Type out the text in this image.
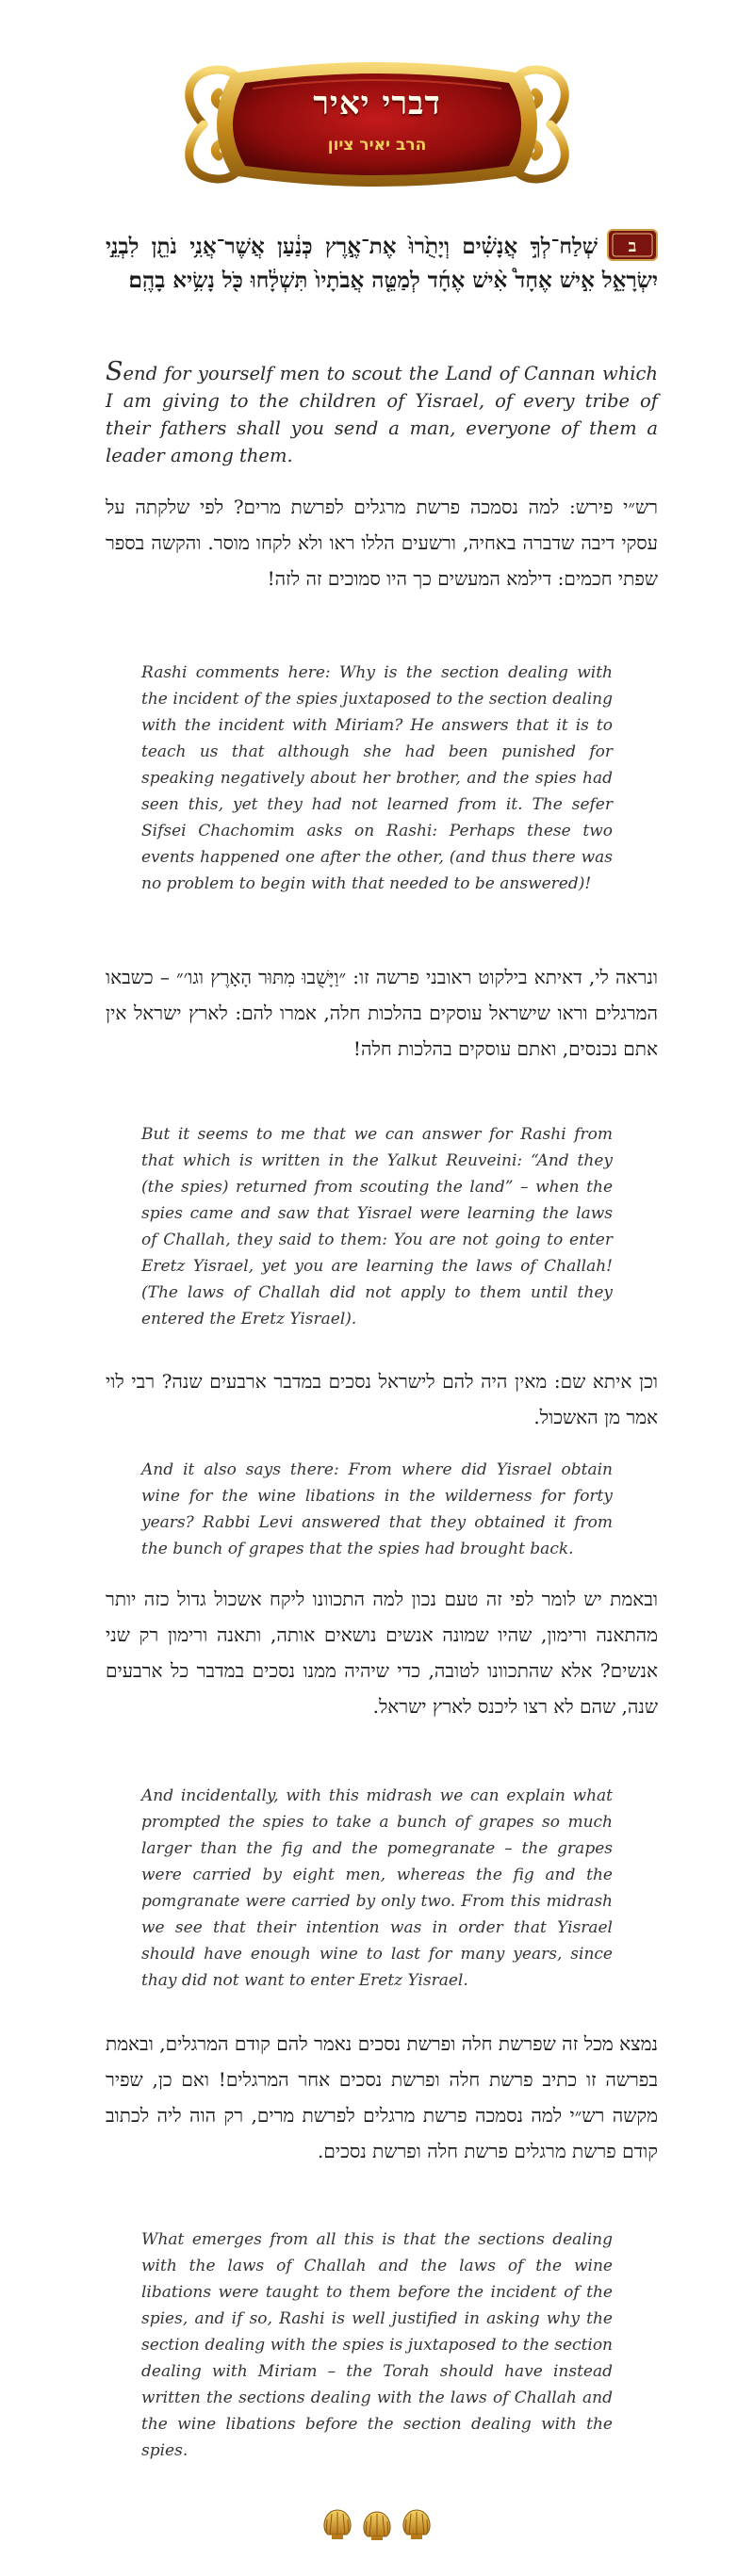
דברי יאיר
הרב יאיר ציון
ב
שְׁלַח־לְךָ֣ אֲנָשִׁ֗ים וְיָתֻ֙רוּ֙ אֶת־אֶ֣רֶץ כְּנַ֔עַן אֲשֶׁר־אֲנִ֥י נֹתֵ֖ן לִבְנֵ֣י יִשְׂרָאֵ֑ל אִ֣ישׁ אֶחָד֩ אִ֨ישׁ אֶחָ֜ד לְמַטֵּ֤ה אֲבֹתָיו֙ תִּשְׁלָ֔חוּ כֹּ֖ל נָשִׂ֥יא בָהֶֽם׃
Send for yourself men to scout the Land of Cannan which I am giving to the children of Yisrael, of every tribe of their fathers shall you send a man, everyone of them a leader among them.
רש״י פירש: למה נסמכה פרשת מרגלים לפרשת מרים? לפי שלקתה על עסקי דיבה שדברה באחיה, ורשעים הללו ראו ולא לקחו מוסר. והקשה בספר שפתי חכמים: דילמא המעשים כך היו סמוכים זה לזה!
Rashi comments here: Why is the section dealing with the incident of the spies juxtaposed to the section dealing with the incident with Miriam? He answers that it is to teach us that although she had been punished for speaking negatively about her brother, and the spies had seen this, yet they had not learned from it. The sefer Sifsei Chachomim asks on Rashi: Perhaps these two events happened one after the other, (and thus there was no problem to begin with that needed to be answered)!
ונראה לי, דאיתא בילקוט ראובני פרשה זו: ״וַיָּשֻׁבוּ מִתּוּר הָאָרֶץ וגו׳״ – כשבאו המרגלים וראו שישראל עוסקים בהלכות חלה, אמרו להם: לארץ ישראל אין אתם נכנסים, ואתם עוסקים בהלכות חלה!
But it seems to me that we can answer for Rashi from that which is written in the Yalkut Reuveini: “And they (the spies) returned from scouting the land” – when the spies came and saw that Yisrael were learning the laws of Challah, they said to them: You are not going to enter Eretz Yisrael, yet you are learning the laws of Challah! (The laws of Challah did not apply to them until they entered the Eretz Yisrael).
וכן איתא שם: מאין היה להם לישראל נסכים במדבר ארבעים שנה? רבי לוי אמר מן האשכול.
And it also says there: From where did Yisrael obtain wine for the wine libations in the wilderness for forty years? Rabbi Levi answered that they obtained it from the bunch of grapes that the spies had brought back.
ובאמת יש לומר לפי זה טעם נכון למה התכוונו ליקח אשכול גדול כזה יותר מהתאנה ורימון, שהיו שמונה אנשים נושאים אותה, ותאנה ורימון רק שני אנשים? אלא שהתכוונו לטובה, כדי שיהיה ממנו נסכים במדבר כל ארבעים שנה, שהם לא רצו ליכנס לארץ ישראל.
And incidentally, with this midrash we can explain what prompted the spies to take a bunch of grapes so much larger than the fig and the pomegranate – the grapes were carried by eight men, whereas the fig and the pomgranate were carried by only two. From this midrash we see that their intention was in order that Yisrael should have enough wine to last for many years, since thay did not want to enter Eretz Yisrael.
נמצא מכל זה שפרשת חלה ופרשת נסכים נאמר להם קודם המרגלים, ובאמת בפרשה זו כתיב פרשת חלה ופרשת נסכים אחר המרגלים! ואם כן, שפיר מקשה רש״י למה נסמכה פרשת מרגלים לפרשת מרים, רק הוה ליה לכתוב קודם פרשת מרגלים פרשת חלה ופרשת נסכים.
What emerges from all this is that the sections dealing with the laws of Challah and the laws of the wine libations were taught to them before the incident of the spies, and if so, Rashi is well justified in asking why the section dealing with the spies is juxtaposed to the section dealing with Miriam – the Torah should have instead written the sections dealing with the laws of Challah and the wine libations before the section dealing with the spies.
